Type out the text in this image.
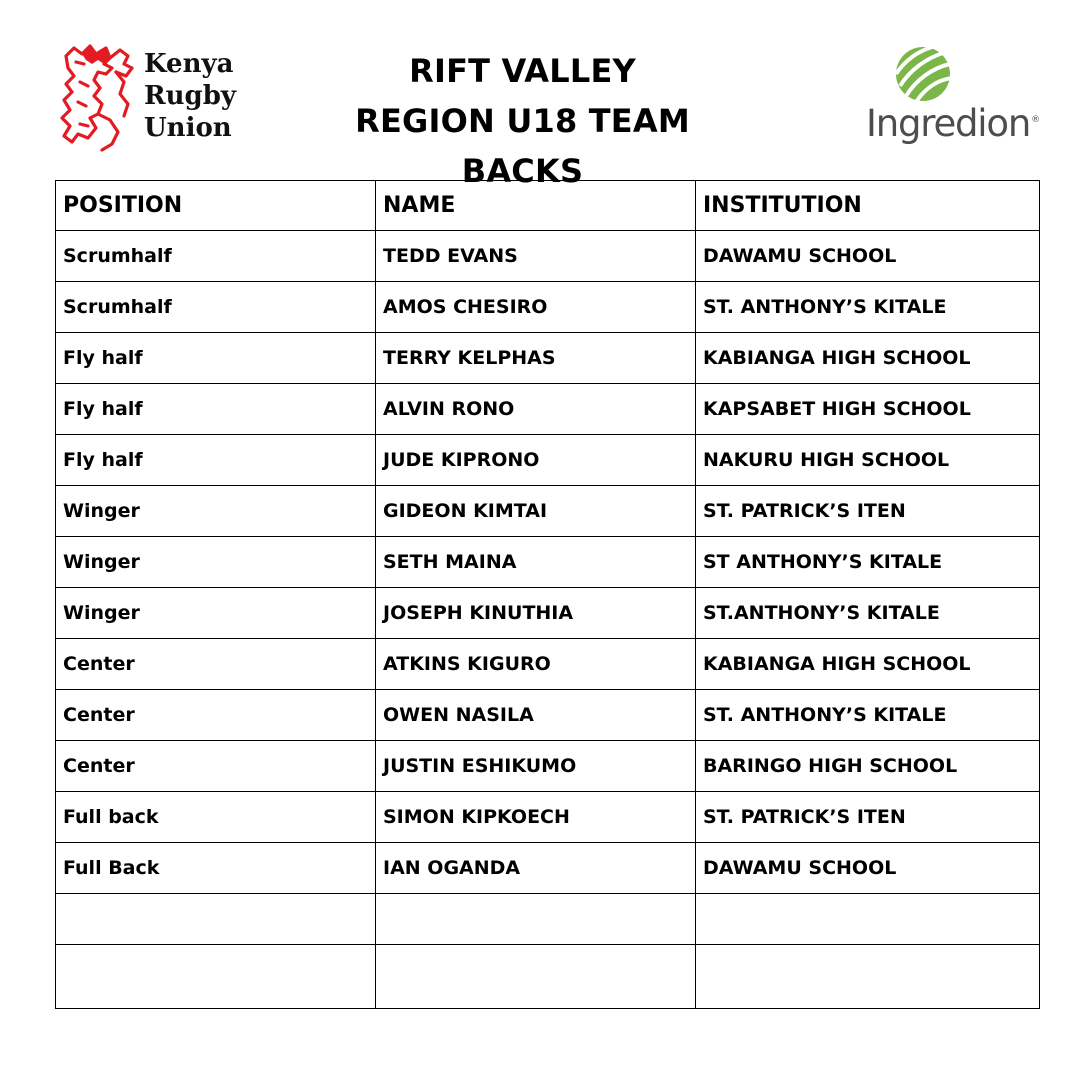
Kenya
Rugby
Union
RIFT VALLEY
REGION U18 TEAM
BACKS
Ingredion®
POSITION	NAME	INSTITUTION
Scrumhalf	TEDD EVANS	DAWAMU SCHOOL
Scrumhalf	AMOS CHESIRO	ST. ANTHONY’S KITALE
Fly half	TERRY KELPHAS	KABIANGA HIGH SCHOOL
Fly half	ALVIN RONO	KAPSABET HIGH SCHOOL
Fly half	JUDE KIPRONO	NAKURU HIGH SCHOOL
Winger	GIDEON KIMTAI	ST. PATRICK’S ITEN
Winger	SETH MAINA	ST ANTHONY’S KITALE
Winger	JOSEPH KINUTHIA	ST.ANTHONY’S KITALE
Center	ATKINS KIGURO	KABIANGA HIGH SCHOOL
Center	OWEN NASILA	ST. ANTHONY’S KITALE
Center	JUSTIN ESHIKUMO	BARINGO HIGH SCHOOL
Full back	SIMON KIPKOECH	ST. PATRICK’S ITEN
Full Back	IAN OGANDA	DAWAMU SCHOOL
